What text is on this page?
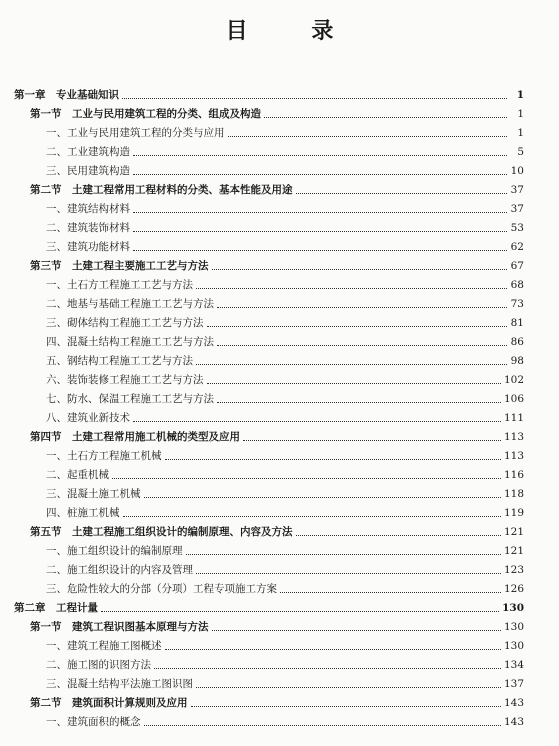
目 录
第一章　专业基础知识	1
第一节　工业与民用建筑工程的分类、组成及构造	1
一、工业与民用建筑工程的分类与应用	1
二、工业建筑构造	5
三、民用建筑构造	10
第二节　土建工程常用工程材料的分类、基本性能及用途	37
一、建筑结构材料	37
二、建筑装饰材料	53
三、建筑功能材料	62
第三节　土建工程主要施工工艺与方法	67
一、土石方工程施工工艺与方法	68
二、地基与基础工程施工工艺与方法	73
三、砌体结构工程施工工艺与方法	81
四、混凝土结构工程施工工艺与方法	86
五、钢结构工程施工工艺与方法	98
六、装饰装修工程施工工艺与方法	102
七、防水、保温工程施工工艺与方法	106
八、建筑业新技术	111
第四节　土建工程常用施工机械的类型及应用	113
一、土石方工程施工机械	113
二、起重机械	116
三、混凝土施工机械	118
四、桩施工机械	119
第五节　土建工程施工组织设计的编制原理、内容及方法	121
一、施工组织设计的编制原理	121
二、施工组织设计的内容及管理	123
三、危险性较大的分部（分项）工程专项施工方案	126
第二章　工程计量	130
第一节　建筑工程识图基本原理与方法	130
一、建筑工程施工图概述	130
二、施工图的识图方法	134
三、混凝土结构平法施工图识图	137
第二节　建筑面积计算规则及应用	143
一、建筑面积的概念	143
